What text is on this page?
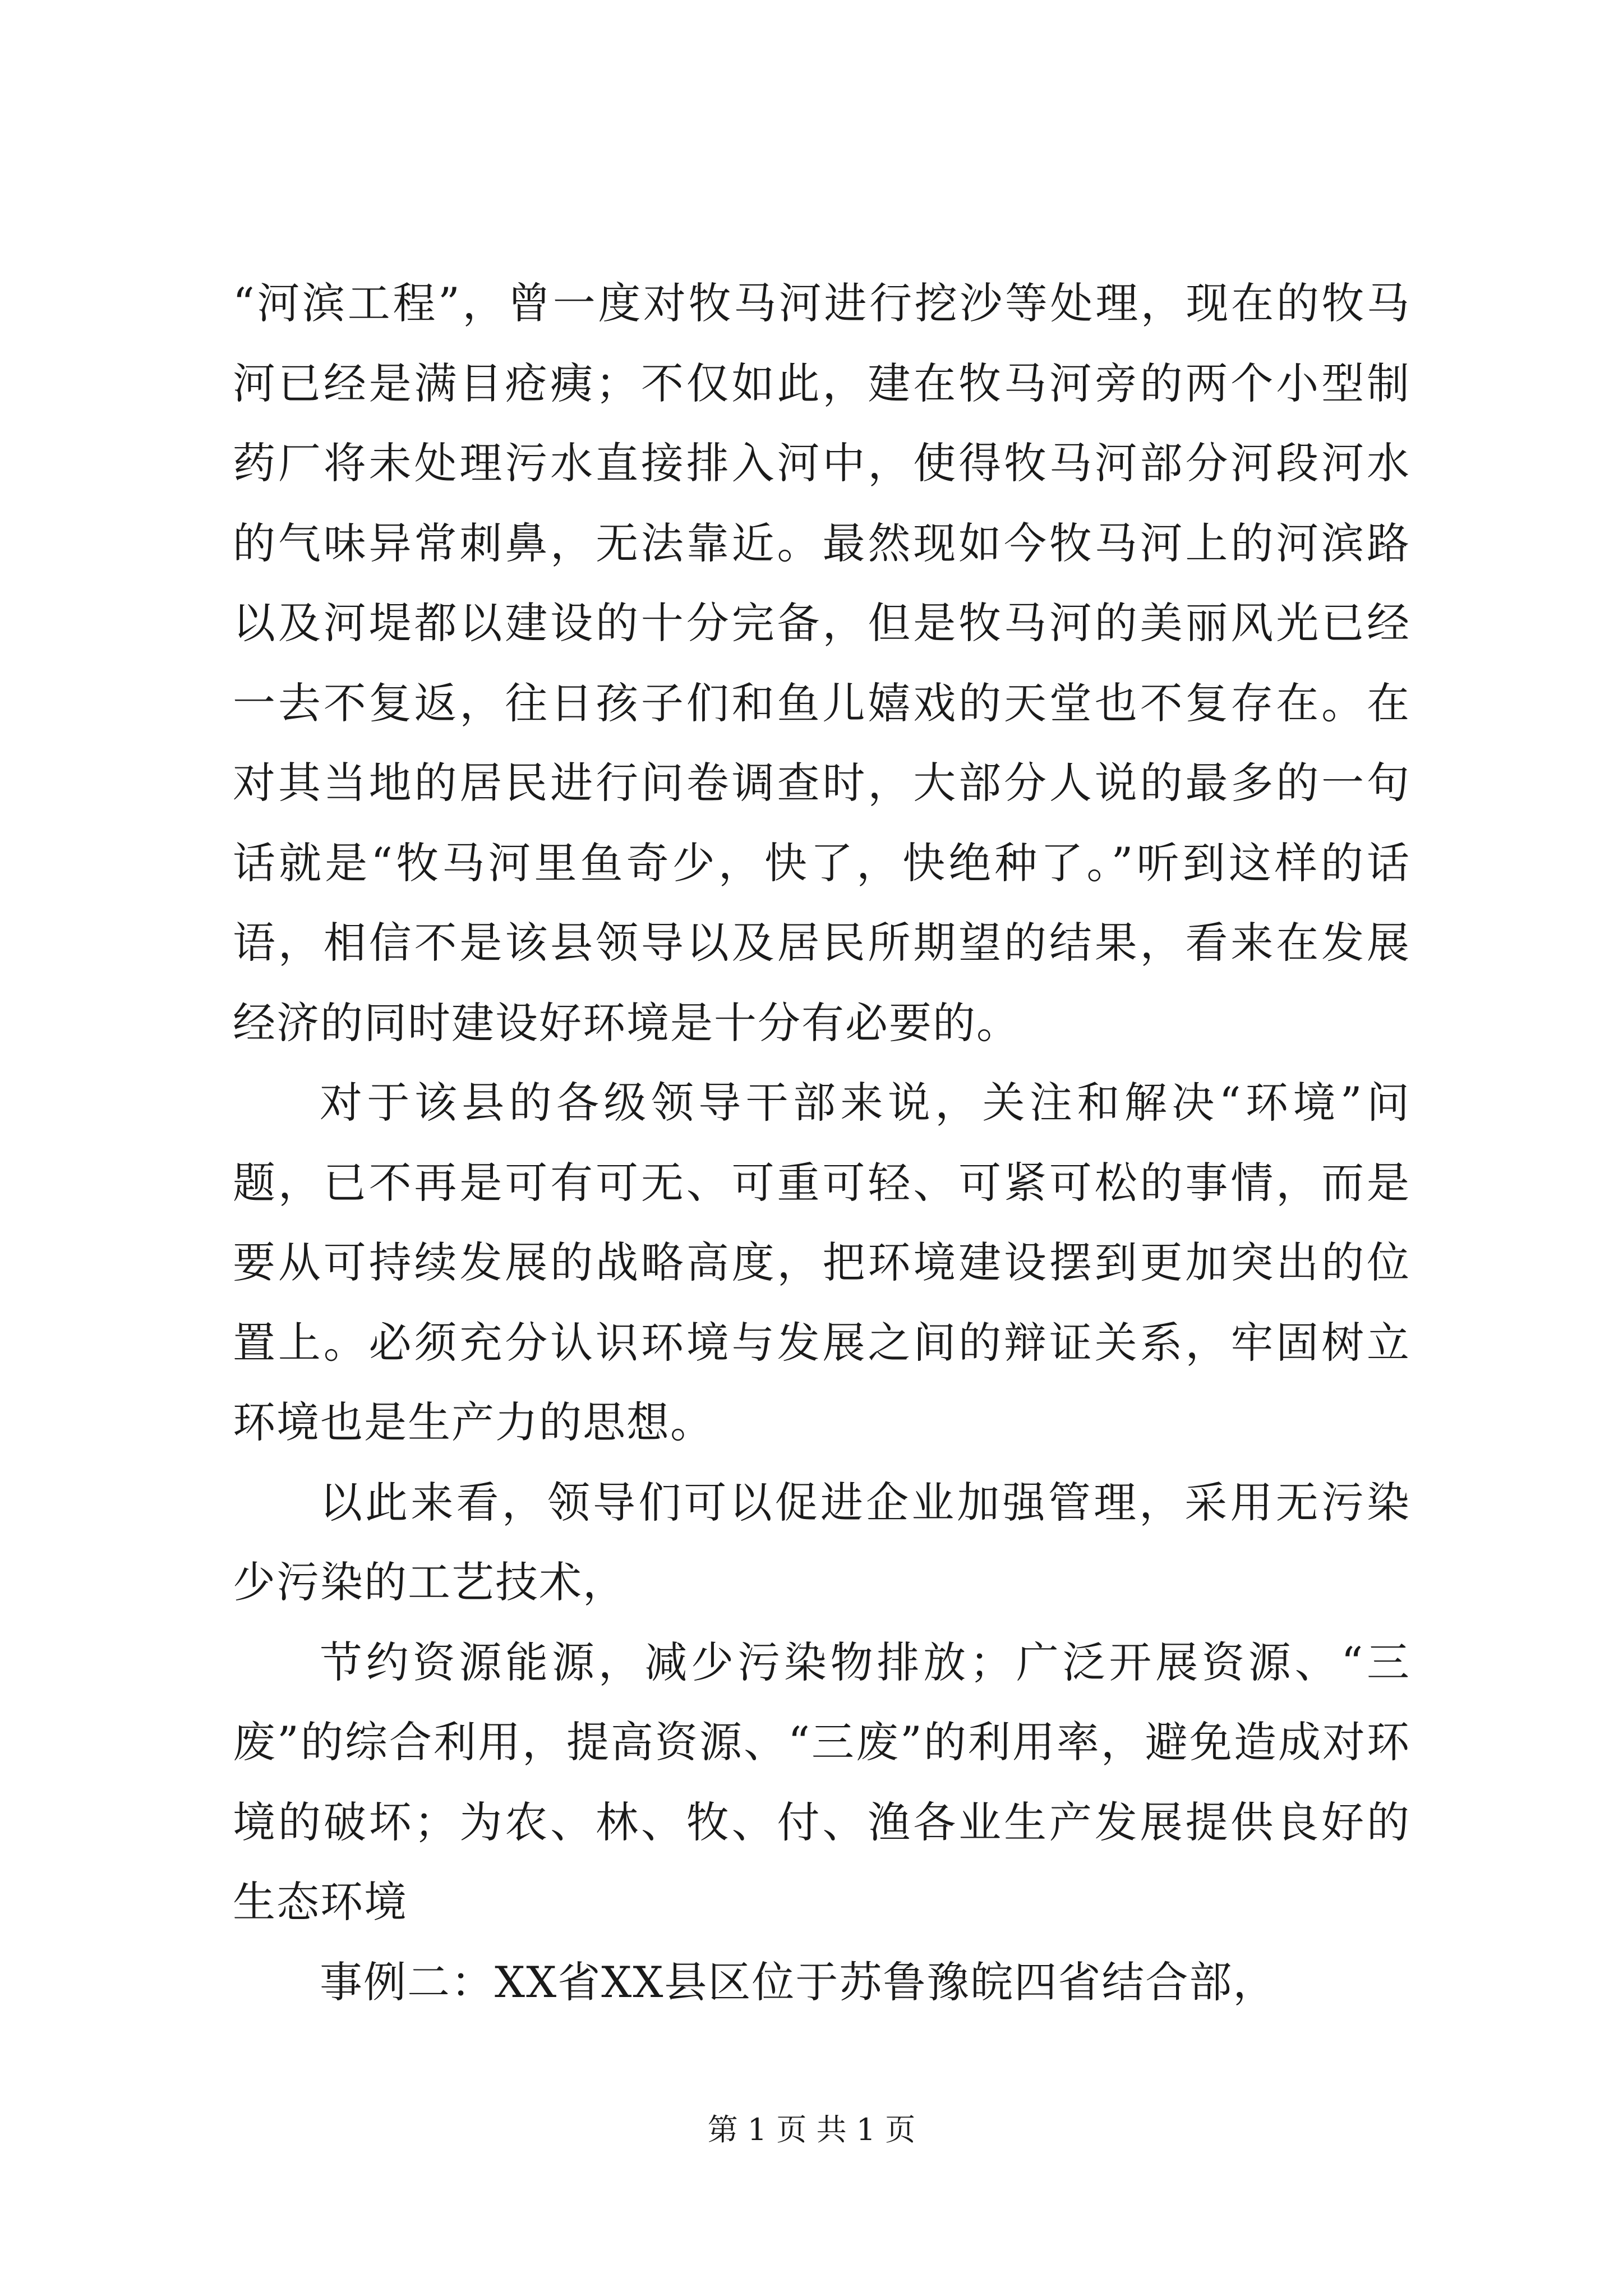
“河滨工程”，曾一度对牧马河进行挖沙等处理，现在的牧马河已经是满目疮痍；不仅如此，建在牧马河旁的两个小型制药厂将未处理污水直接排入河中，使得牧马河部分河段河水的气味异常刺鼻，无法靠近。最然现如今牧马河上的河滨路以及河堤都以建设的十分完备，但是牧马河的美丽风光已经一去不复返，往日孩子们和鱼儿嬉戏的天堂也不复存在。在对其当地的居民进行问卷调查时，大部分人说的最多的一句话就是“牧马河里鱼奇少，快了，快绝种了。”听到这样的话语，相信不是该县领导以及居民所期望的结果，看来在发展经济的同时建设好环境是十分有必要的。

对于该县的各级领导干部来说，关注和解决“环境”问题，已不再是可有可无、可重可轻、可紧可松的事情，而是要从可持续发展的战略高度，把环境建设摆到更加突出的位置上。必须充分认识环境与发展之间的辩证关系，牢固树立环境也是生产力的思想。

以此来看，领导们可以促进企业加强管理，采用无污染少污染的工艺技术，

节约资源能源，减少污染物排放；广泛开展资源、“三废”的综合利用，提高资源、“三废”的利用率，避免造成对环境的破坏；为农、林、牧、付、渔各业生产发展提供良好的生态环境

事例二：XX省XX县区位于苏鲁豫皖四省结合部，

第 1 页 共 1 页
